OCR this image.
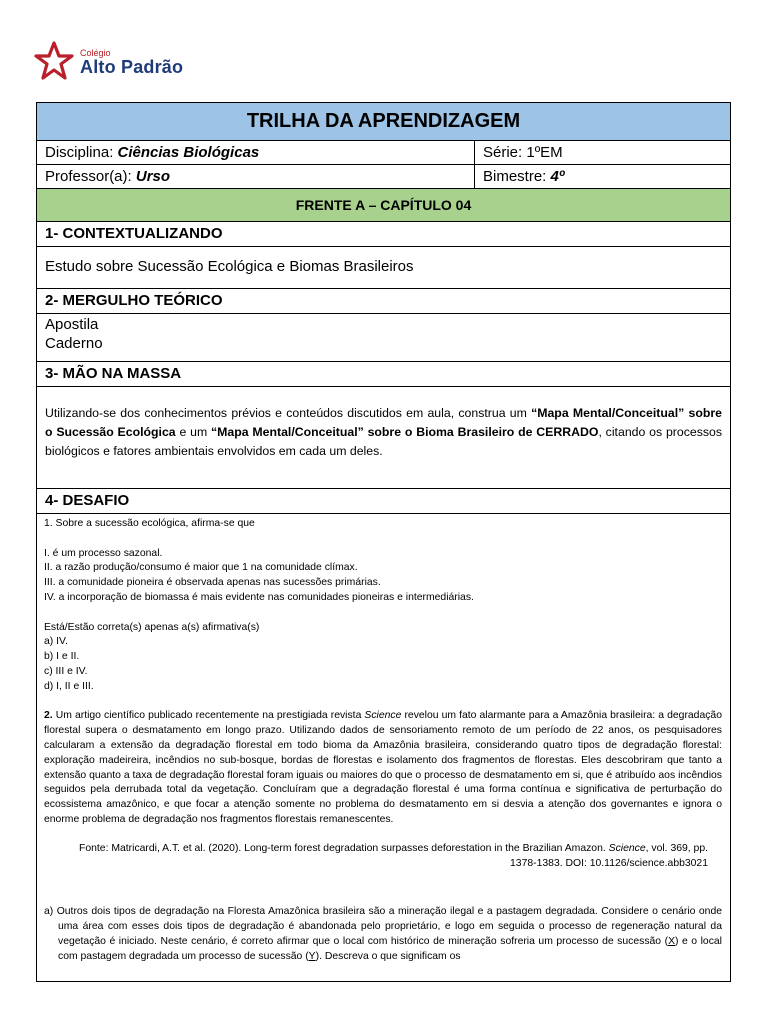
Colégio
Alto Padrão
TRILHA DA APRENDIZAGEM
Disciplina: Ciências Biológicas	Série: 1ºEM
Professor(a): Urso	Bimestre: 4º
FRENTE A – CAPÍTULO 04
1- CONTEXTUALIZANDO
Estudo sobre Sucessão Ecológica e Biomas Brasileiros
2- MERGULHO TEÓRICO
Apostila
Caderno
3- MÃO NA MASSA
Utilizando-se dos conhecimentos prévios e conteúdos discutidos em aula, construa um “Mapa Mental/Conceitual” sobre o Sucessão Ecológica e um “Mapa Mental/Conceitual” sobre o Bioma Brasileiro de CERRADO, citando os processos biológicos e fatores ambientais envolvidos em cada um deles.
4- DESAFIO

1. Sobre a sucessão ecológica, afirma-se que

I. é um processo sazonal.

II. a razão produção/consumo é maior que 1 na comunidade clímax.

III. a comunidade pioneira é observada apenas nas sucessões primárias.

IV. a incorporação de biomassa é mais evidente nas comunidades pioneiras e intermediárias.

Está/Estão correta(s) apenas a(s) afirmativa(s)

a) IV.

b) I e II.

c) III e IV.

d) I, II e III.

2. Um artigo científico publicado recentemente na prestigiada revista Science revelou um fato alarmante para a Amazônia brasileira: a degradação florestal supera o desmatamento em longo prazo. Utilizando dados de sensoriamento remoto de um período de 22 anos, os pesquisadores calcularam a extensão da degradação florestal em todo bioma da Amazônia brasileira, considerando quatro tipos de degradação florestal: exploração madeireira, incêndios no sub-bosque, bordas de florestas e isolamento dos fragmentos de florestas. Eles descobriram que tanto a extensão quanto a taxa de degradação florestal foram iguais ou maiores do que o processo de desmatamento em si, que é atribuído aos incêndios seguidos pela derrubada total da vegetação. Concluíram que a degradação florestal é uma forma contínua e significativa de perturbação do ecossistema amazônico, e que focar a atenção somente no problema do desmatamento em si desvia a atenção dos governantes e ignora o enorme problema de degradação nos fragmentos florestais remanescentes.

Fonte: Matricardi, A.T. et al. (2020). Long-term forest degradation surpasses deforestation in the Brazilian Amazon. Science, vol. 369, pp. 1378-1383. DOI: 10.1126/science.abb3021

a) Outros dois tipos de degradação na Floresta Amazônica brasileira são a mineração ilegal e a pastagem degradada. Considere o cenário onde uma área com esses dois tipos de degradação é abandonada pelo proprietário, e logo em seguida o processo de regeneração natural da vegetação é iniciado. Neste cenário, é correto afirmar que o local com histórico de mineração sofreria um processo de sucessão (X) e o local com pastagem degradada um processo de sucessão (Y). Descreva o que significam os
